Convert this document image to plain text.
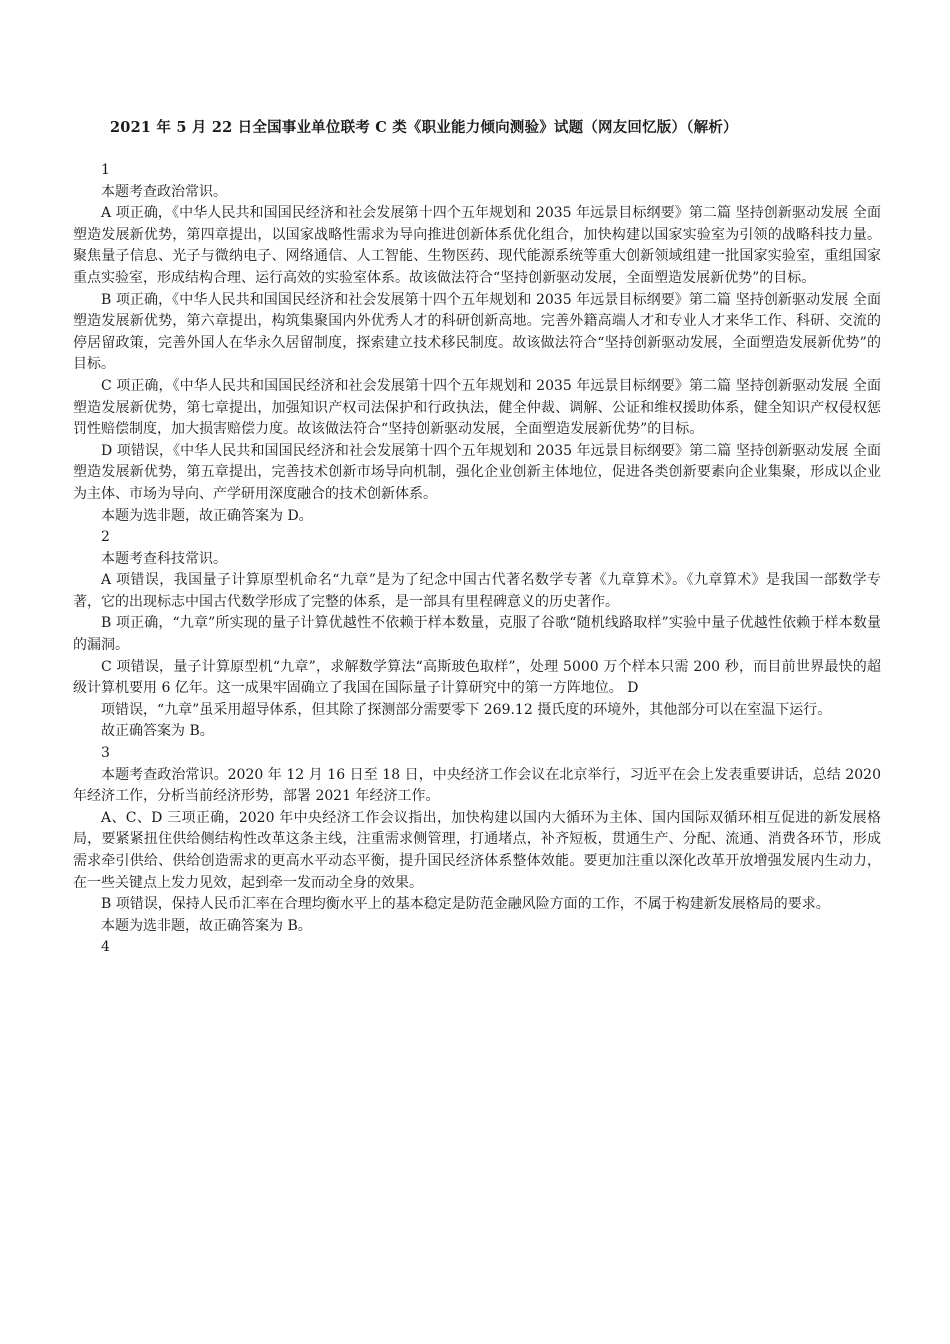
2021 年 5 月 22 日全国事业单位联考 C 类《职业能力倾向测验》试题（网友回忆版）（解析）

1

本题考查政治常识。

A 项正确，《中华人民共和国国民经济和社会发展第十四个五年规划和 2035 年远景目标纲要》第二篇 坚持创新驱动发展 全面塑造发展新优势，第四章提出，以国家战略性需求为导向推进创新体系优化组合，加快构建以国家实验室为引领的战略科技力量。聚焦量子信息、光子与微纳电子、网络通信、人工智能、生物医药、现代能源系统等重大创新领域组建一批国家实验室，重组国家重点实验室，形成结构合理、运行高效的实验室体系。故该做法符合“坚持创新驱动发展，全面塑造发展新优势”的目标。

B 项正确，《中华人民共和国国民经济和社会发展第十四个五年规划和 2035 年远景目标纲要》第二篇 坚持创新驱动发展 全面塑造发展新优势，第六章提出，构筑集聚国内外优秀人才的科研创新高地。完善外籍高端人才和专业人才来华工作、科研、交流的停居留政策，完善外国人在华永久居留制度，探索建立技术移民制度。故该做法符合“坚持创新驱动发展，全面塑造发展新优势”的目标。

C 项正确，《中华人民共和国国民经济和社会发展第十四个五年规划和 2035 年远景目标纲要》第二篇 坚持创新驱动发展 全面塑造发展新优势，第七章提出，加强知识产权司法保护和行政执法，健全仲裁、调解、公证和维权援助体系，健全知识产权侵权惩罚性赔偿制度，加大损害赔偿力度。故该做法符合“坚持创新驱动发展，全面塑造发展新优势”的目标。

D 项错误，《中华人民共和国国民经济和社会发展第十四个五年规划和 2035 年远景目标纲要》第二篇 坚持创新驱动发展 全面塑造发展新优势，第五章提出，完善技术创新市场导向机制，强化企业创新主体地位，促进各类创新要素向企业集聚，形成以企业为主体、市场为导向、产学研用深度融合的技术创新体系。

本题为选非题，故正确答案为 D。

2

本题考查科技常识。

A 项错误，我国量子计算原型机命名“九章”是为了纪念中国古代著名数学专著《九章算术》。《九章算术》是我国一部数学专著，它的出现标志中国古代数学形成了完整的体系，是一部具有里程碑意义的历史著作。

B 项正确，“九章”所实现的量子计算优越性不依赖于样本数量，克服了谷歌“随机线路取样”实验中量子优越性依赖于样本数量的漏洞。

C 项错误，量子计算原型机“九章”，求解数学算法“高斯玻色取样”，处理 5000 万个样本只需 200 秒，而目前世界最快的超级计算机要用 6 亿年。这一成果牢固确立了我国在国际量子计算研究中的第一方阵地位。 D

项错误，“九章”虽采用超导体系，但其除了探测部分需要零下 269.12 摄氏度的环境外，其他部分可以在室温下运行。

故正确答案为 B。

3

本题考查政治常识。2020 年 12 月 16 日至 18 日，中央经济工作会议在北京举行，习近平在会上发表重要讲话，总结 2020 年经济工作，分析当前经济形势，部署 2021 年经济工作。

A、C、D 三项正确，2020 年中央经济工作会议指出，加快构建以国内大循环为主体、国内国际双循环相互促进的新发展格局，要紧紧扭住供给侧结构性改革这条主线，注重需求侧管理，打通堵点，补齐短板，贯通生产、分配、流通、消费各环节，形成需求牵引供给、供给创造需求的更高水平动态平衡，提升国民经济体系整体效能。要更加注重以深化改革开放增强发展内生动力，在一些关键点上发力见效，起到牵一发而动全身的效果。

B 项错误，保持人民币汇率在合理均衡水平上的基本稳定是防范金融风险方面的工作，不属于构建新发展格局的要求。

本题为选非题，故正确答案为 B。

4
